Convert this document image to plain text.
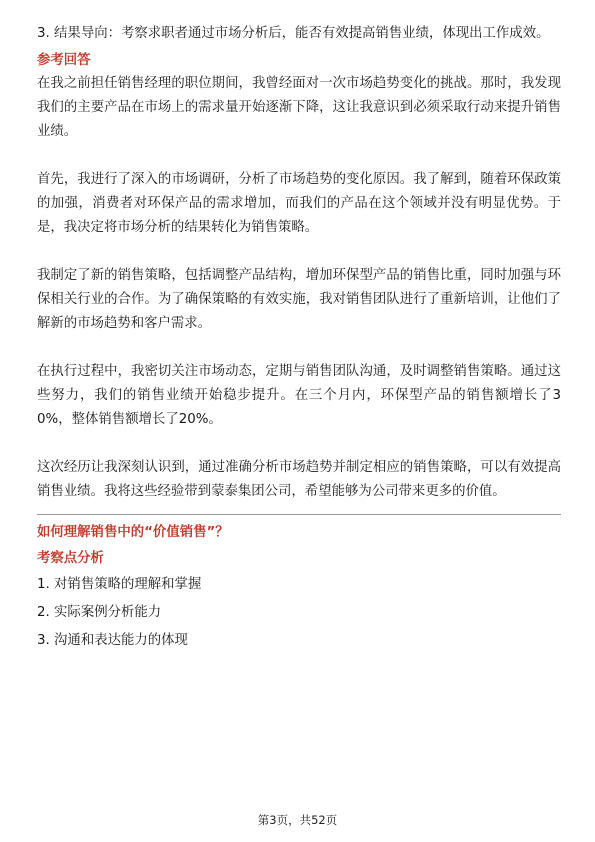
3. 结果导向：考察求职者通过市场分析后，能否有效提高销售业绩，体现出工作成效。

参考回答

在我之前担任销售经理的职位期间，我曾经面对一次市场趋势变化的挑战。那时，我发现我们的主要产品在市场上的需求量开始逐渐下降，这让我意识到必须采取行动来提升销售业绩。

首先，我进行了深入的市场调研，分析了市场趋势的变化原因。我了解到，随着环保政策的加强，消费者对环保产品的需求增加，而我们的产品在这个领域并没有明显优势。于是，我决定将市场分析的结果转化为销售策略。

我制定了新的销售策略，包括调整产品结构，增加环保型产品的销售比重，同时加强与环保相关行业的合作。为了确保策略的有效实施，我对销售团队进行了重新培训，让他们了解新的市场趋势和客户需求。

在执行过程中，我密切关注市场动态，定期与销售团队沟通，及时调整销售策略。通过这些努力，我们的销售业绩开始稳步提升。在三个月内，环保型产品的销售额增长了30%，整体销售额增长了20%。

这次经历让我深刻认识到，通过准确分析市场趋势并制定相应的销售策略，可以有效提高销售业绩。我将这些经验带到蒙泰集团公司，希望能够为公司带来更多的价值。

如何理解销售中的“价值销售”？

考察点分析

1. 对销售策略的理解和掌握

2. 实际案例分析能力

3. 沟通和表达能力的体现

第3页，共52页
